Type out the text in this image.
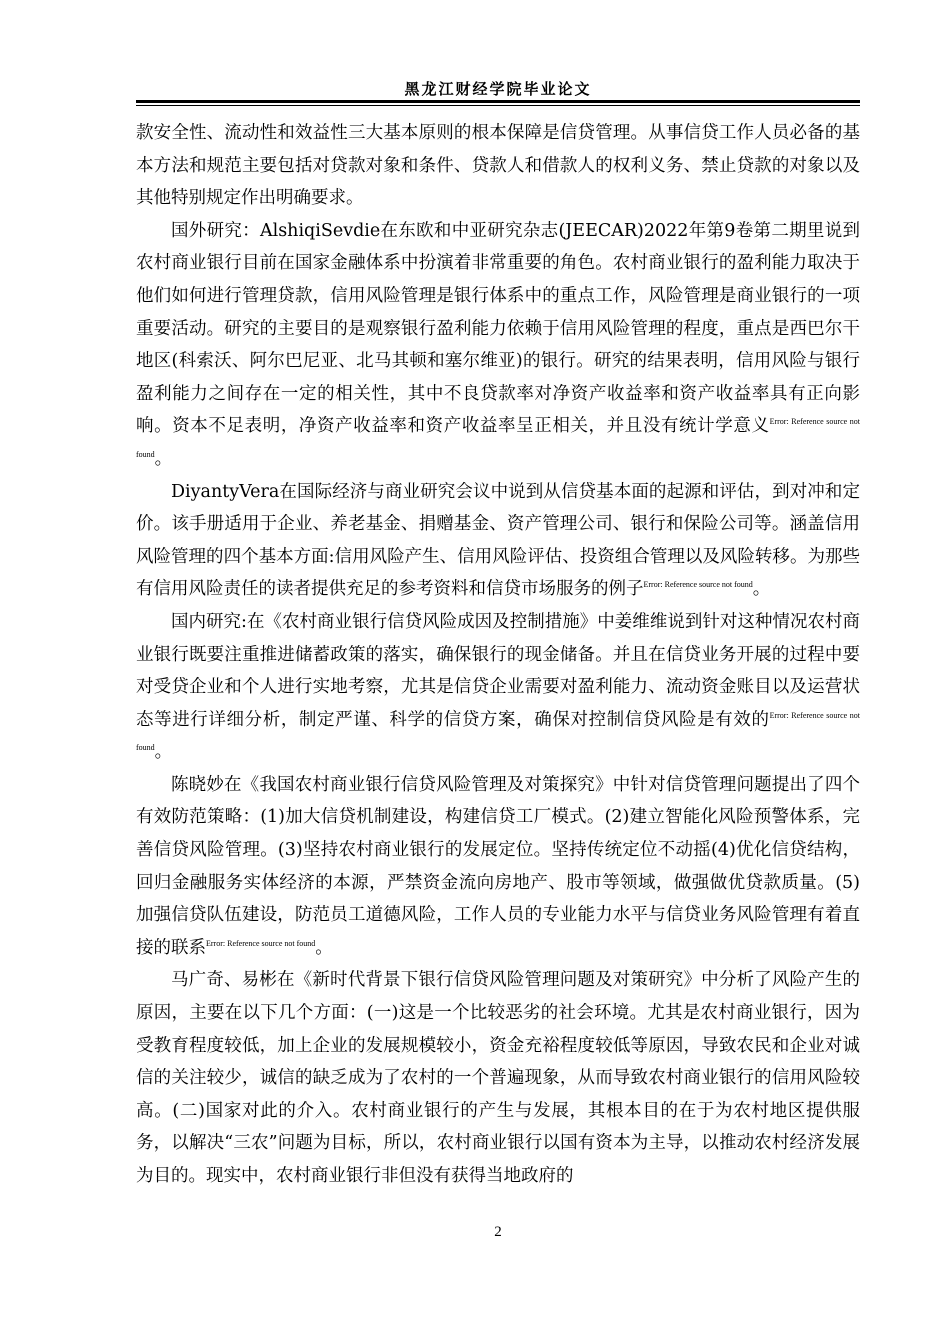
黑龙江财经学院毕业论文

款安全性、流动性和效益性三大基本原则的根本保障是信贷管理。从事信贷工作人员必备的基本方法和规范主要包括对贷款对象和条件、贷款人和借款人的权利义务、禁止贷款的对象以及其他特别规定作出明确要求。

国外研究：AlshiqiSevdie在东欧和中亚研究杂志(JEECAR)2022年第9卷第二期里说到农村商业银行目前在国家金融体系中扮演着非常重要的角色。农村商业银行的盈利能力取决于他们如何进行管理贷款，信用风险管理是银行体系中的重点工作，风险管理是商业银行的一项重要活动。研究的主要目的是观察银行盈利能力依赖于信用风险管理的程度，重点是西巴尔干地区(科索沃、阿尔巴尼亚、北马其顿和塞尔维亚)的银行。研究的结果表明，信用风险与银行盈利能力之间存在一定的相关性，其中不良贷款率对净资产收益率和资产收益率具有正向影响。资本不足表明，净资产收益率和资产收益率呈正相关，并且没有统计学意义$^{Error: Reference source not found}$。

DiyantyVera在国际经济与商业研究会议中说到从信贷基本面的起源和评估，到对冲和定价。该手册适用于企业、养老基金、捐赠基金、资产管理公司、银行和保险公司等。涵盖信用风险管理的四个基本方面:信用风险产生、信用风险评估、投资组合管理以及风险转移。为那些有信用风险责任的读者提供充足的参考资料和信贷市场服务的例子$^{Error: Reference source not found}$。

国内研究:在《农村商业银行信贷风险成因及控制措施》中姜维维说到针对这种情况农村商业银行既要注重推进储蓄政策的落实，确保银行的现金储备。并且在信贷业务开展的过程中要对受贷企业和个人进行实地考察，尤其是信贷企业需要对盈利能力、流动资金账目以及运营状态等进行详细分析，制定严谨、科学的信贷方案，确保对控制信贷风险是有效的$^{Error: Reference source not found}$。

陈晓妙在《我国农村商业银行信贷风险管理及对策探究》中针对信贷管理问题提出了四个有效防范策略：(1)加大信贷机制建设，构建信贷工厂模式。(2)建立智能化风险预警体系，完善信贷风险管理。(3)坚持农村商业银行的发展定位。坚持传统定位不动摇(4)优化信贷结构，回归金融服务实体经济的本源，严禁资金流向房地产、股市等领域，做强做优贷款质量。(5)加强信贷队伍建设，防范员工道德风险，工作人员的专业能力水平与信贷业务风险管理有着直接的联系$^{Error: Reference source not found}$。

马广奇、易彬在《新时代背景下银行信贷风险管理问题及对策研究》中分析了风险产生的原因，主要在以下几个方面：(一)这是一个比较恶劣的社会环境。尤其是农村商业银行，因为受教育程度较低，加上企业的发展规模较小，资金充裕程度较低等原因，导致农民和企业对诚信的关注较少，诚信的缺乏成为了农村的一个普遍现象，从而导致农村商业银行的信用风险较高。(二)国家对此的介入。农村商业银行的产生与发展，其根本目的在于为农村地区提供服务，以解决“三农”问题为目标，所以，农村商业银行以国有资本为主导，以推动农村经济发展为目的。现实中，农村商业银行非但没有获得当地政府的

2
